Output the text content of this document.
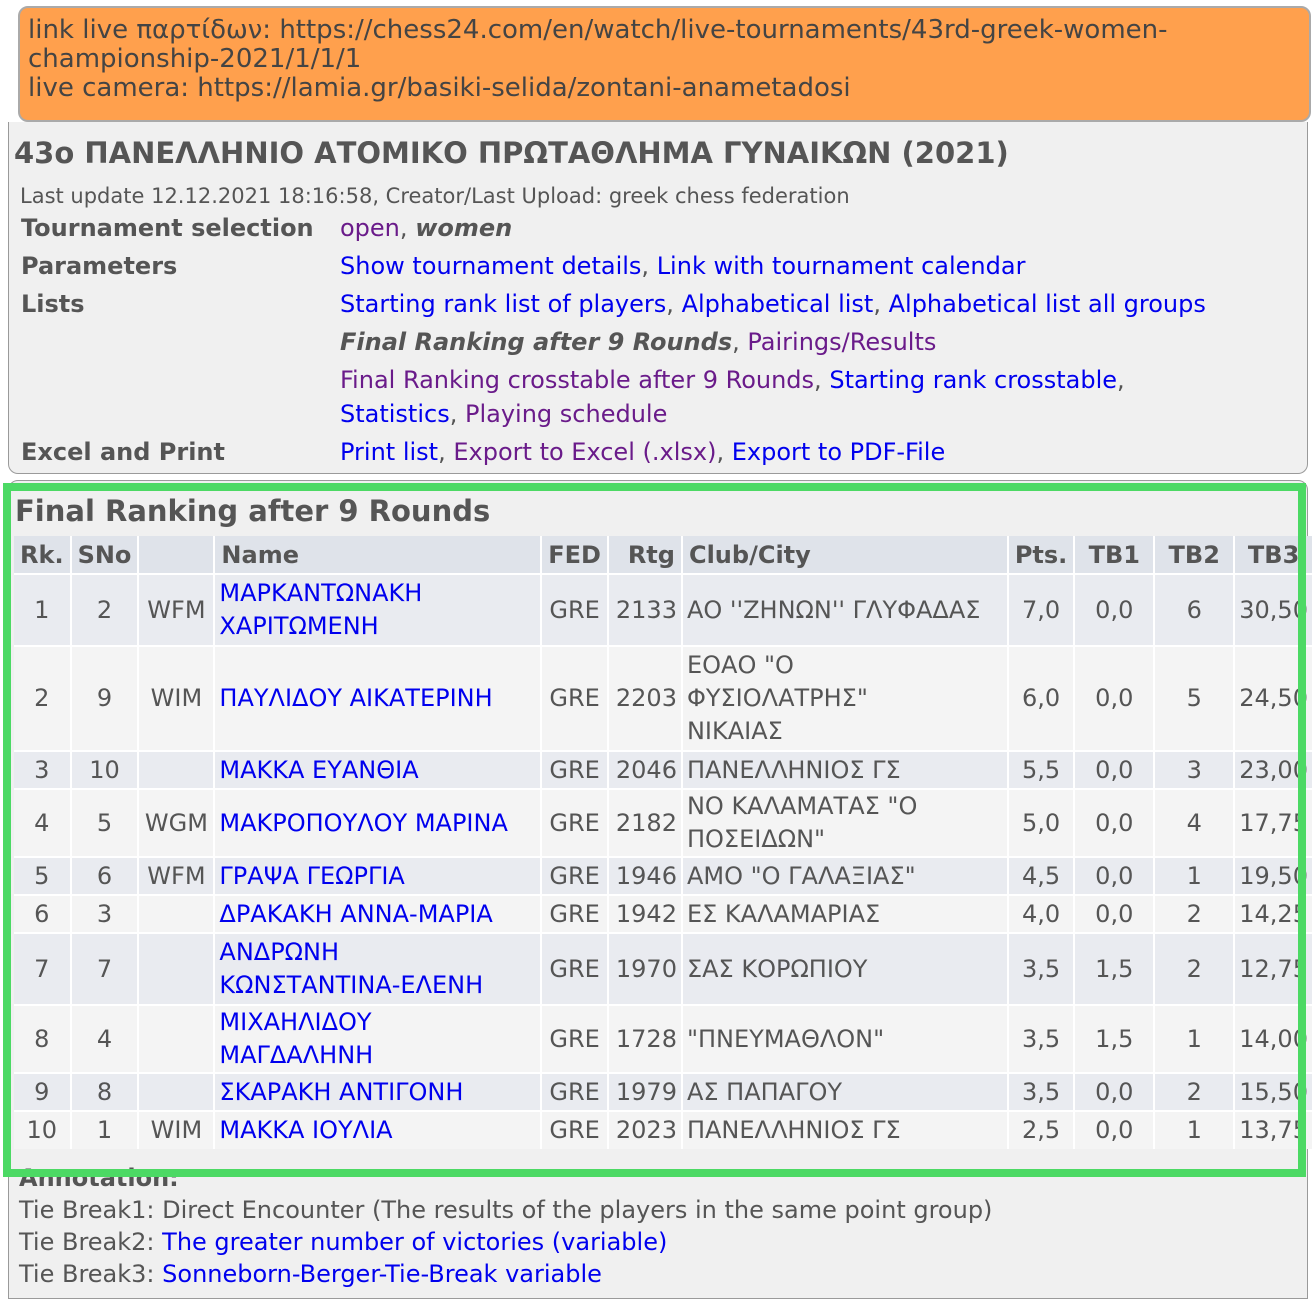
link live παρτίδων: https://chess24.com/en/watch/live-tournaments/43rd-greek-women-
championship-2021/1/1/1
live camera: https://lamia.gr/basiki-selida/zontani-anametadosi
43o ΠΑΝΕΛΛΗΝΙΟ ΑΤΟΜΙΚΟ ΠΡΩΤΑΘΛΗΜΑ ΓΥΝΑΙΚΩΝ (2021)
Last update 12.12.2021 18:16:58, Creator/Last Upload: greek chess federation
Tournament selection open, women
Parameters	Show tournament details, Link with tournament calendar
Lists	Starting rank list of players, Alphabetical list, Alphabetical list all groups
Final Ranking after 9 Rounds, Pairings/Results
Final Ranking crosstable after 9 Rounds, Starting rank crosstable,
Statistics, Playing schedule
Excel and Print	Print list, Export to Excel (.xlsx), Export to PDF-File
Final Ranking after 9 Rounds
Rk.	SNo		Name	FED	Rtg	Club/City	Pts.	TB1	TB2	TB3
1	2	WFM	ΜΑΡΚΑΝΤΩΝΑΚΗ
ΧΑΡΙΤΩΜΕΝΗ	GRE	2133	ΑΟ ''ΖΗΝΩΝ'' ΓΛΥΦΑΔΑΣ	7,0	0,0	6	30,50
2	9	WIM	ΠΑΥΛΙΔΟΥ ΑΙΚΑΤΕΡΙΝΗ	GRE	2203	ΕΟΑΟ "Ο
ΦΥΣΙΟΛΑΤΡΗΣ"
ΝΙΚΑΙΑΣ	6,0	0,0	5	24,50
3	10		ΜΑΚΚΑ ΕΥΑΝΘΙΑ	GRE	2046	ΠΑΝΕΛΛΗΝΙΟΣ ΓΣ	5,5	0,0	3	23,00
4	5	WGM	ΜΑΚΡΟΠΟΥΛΟΥ ΜΑΡΙΝΑ	GRE	2182	ΝΟ ΚΑΛΑΜΑΤΑΣ "Ο
ΠΟΣΕΙΔΩΝ"	5,0	0,0	4	17,75
5	6	WFM	ΓΡΑΨΑ ΓΕΩΡΓΙΑ	GRE	1946	ΑΜΟ "Ο ΓΑΛΑΞΙΑΣ"	4,5	0,0	1	19,50
6	3		ΔΡΑΚΑΚΗ ΑΝΝΑ-ΜΑΡΙΑ	GRE	1942	ΕΣ ΚΑΛΑΜΑΡΙΑΣ	4,0	0,0	2	14,25
7	7		ΑΝΔΡΩΝΗ
ΚΩΝΣΤΑΝΤΙΝΑ-ΕΛΕΝΗ	GRE	1970	ΣΑΣ ΚΟΡΩΠΙΟΥ	3,5	1,5	2	12,75
8	4		ΜΙΧΑΗΛΙΔΟΥ
ΜΑΓΔΑΛΗΝΗ	GRE	1728	"ΠΝΕΥΜΑΘΛΟΝ"	3,5	1,5	1	14,00
9	8		ΣΚΑΡΑΚΗ ΑΝΤΙΓΟΝΗ	GRE	1979	ΑΣ ΠΑΠΑΓΟΥ	3,5	0,0	2	15,50
10	1	WIM	ΜΑΚΚΑ ΙΟΥΛΙΑ	GRE	2023	ΠΑΝΕΛΛΗΝΙΟΣ ΓΣ	2,5	0,0	1	13,75
Annotation:
Tie Break1: Direct Encounter (The results of the players in the same point group)
Tie Break2: The greater number of victories (variable)
Tie Break3: Sonneborn-Berger-Tie-Break variable
